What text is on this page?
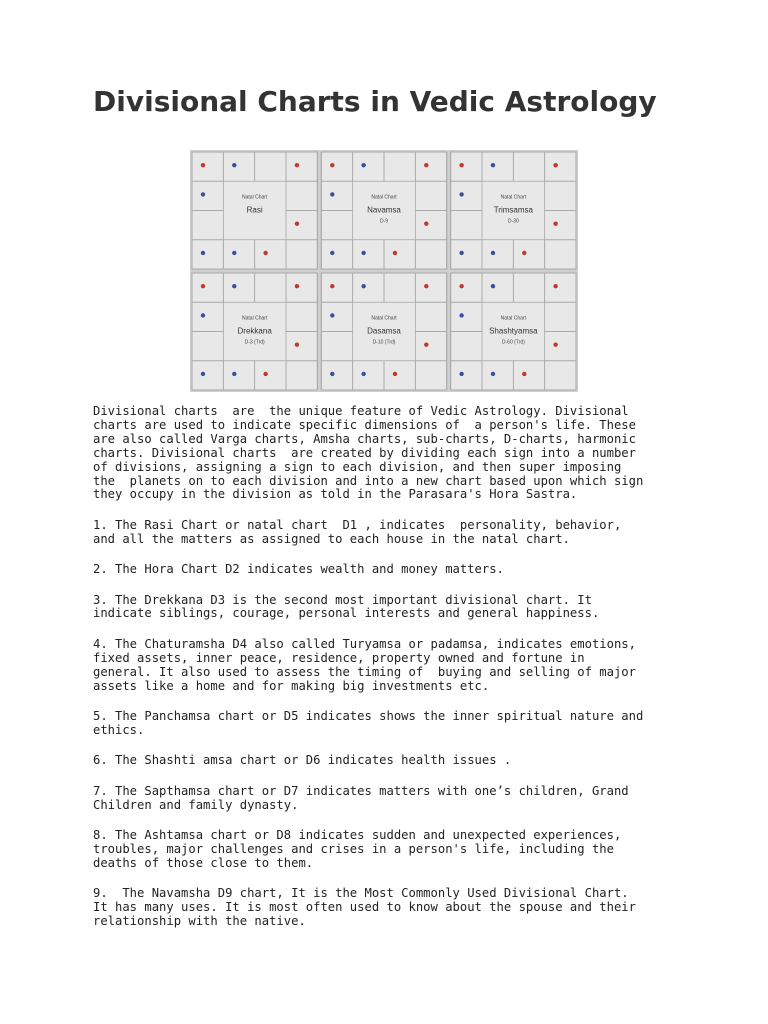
Divisional Charts in Vedic Astrology
Natal Chart
Rasi
Natal Chart
Navamsa
D-9
Natal Chart
Trimsamsa
D-30
Natal Chart
Drekkana
D-3 (Trd)
Natal Chart
Dasamsa
D-10 (Trd)
Natal Chart
Shashtyamsa
D-60 (Trd)

Divisional charts  are  the unique feature of Vedic Astrology. Divisional
charts are used to indicate specific dimensions of  a person's life. These
are also called Varga charts, Amsha charts, sub-charts, D-charts, harmonic
charts. Divisional charts  are created by dividing each sign into a number
of divisions, assigning a sign to each division, and then super imposing
the  planets on to each division and into a new chart based upon which sign
they occupy in the division as told in the Parasara's Hora Sastra.

1. The Rasi Chart or natal chart  D1 , indicates  personality, behavior,
and all the matters as assigned to each house in the natal chart.

2. The Hora Chart D2 indicates wealth and money matters.

3. The Drekkana D3 is the second most important divisional chart. It
indicate siblings, courage, personal interests and general happiness.

4. The Chaturamsha D4 also called Turyamsa or padamsa, indicates emotions,
fixed assets, inner peace, residence, property owned and fortune in
general. It also used to assess the timing of  buying and selling of major
assets like a home and for making big investments etc.

5. The Panchamsa chart or D5 indicates shows the inner spiritual nature and
ethics.

6. The Shashti amsa chart or D6 indicates health issues .

7. The Sapthamsa chart or D7 indicates matters with one’s children, Grand
Children and family dynasty.

8. The Ashtamsa chart or D8 indicates sudden and unexpected experiences,
troubles, major challenges and crises in a person's life, including the
deaths of those close to them.

9.  The Navamsha D9 chart, It is the Most Commonly Used Divisional Chart.
It has many uses. It is most often used to know about the spouse and their
relationship with the native.
